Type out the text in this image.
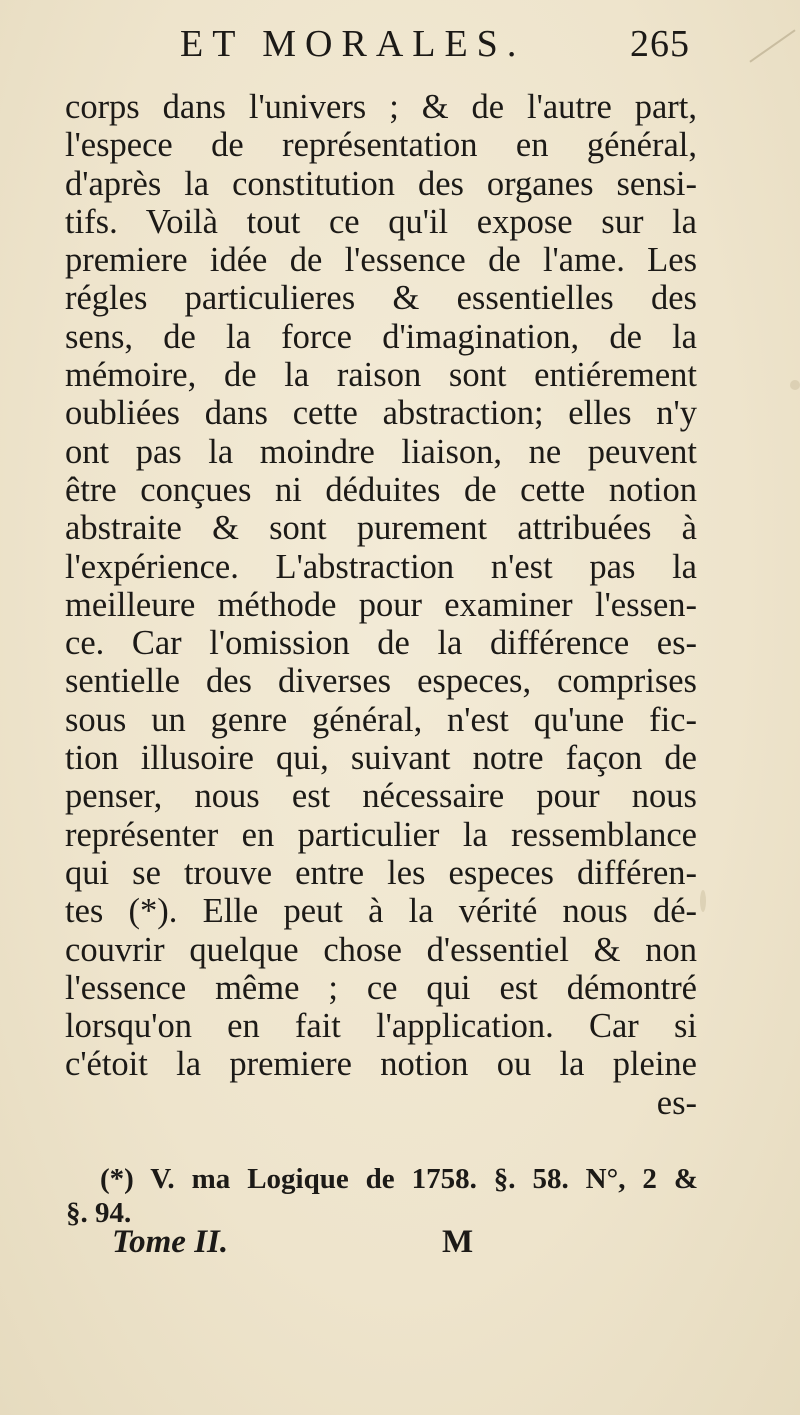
ET MORALES.	265
corps dans l'univers ; & de l'autre part,
l'espece de représentation en général,
d'après la constitution des organes sensi-
tifs. Voilà tout ce qu'il expose sur la
premiere idée de l'essence de l'ame. Les
régles particulieres & essentielles des
sens, de la force d'imagination, de la
mémoire, de la raison sont entiérement
oubliées dans cette abstraction; elles n'y
ont pas la moindre liaison, ne peuvent
être conçues ni déduites de cette notion
abstraite & sont purement attribuées à
l'expérience. L'abstraction n'est pas la
meilleure méthode pour examiner l'essen-
ce. Car l'omission de la différence es-
sentielle des diverses especes, comprises
sous un genre général, n'est qu'une fic-
tion illusoire qui, suivant notre façon de
penser, nous est nécessaire pour nous
représenter en particulier la ressemblance
qui se trouve entre les especes différen-
tes (*). Elle peut à la vérité nous dé-
couvrir quelque chose d'essentiel & non
l'essence même ; ce qui est démontré
lorsqu'on en fait l'application. Car si
c'étoit la premiere notion ou la pleine
es-
(*) V. ma Logique de 1758. §. 58. N°, 2 &
§. 94.
Tome II.	M
